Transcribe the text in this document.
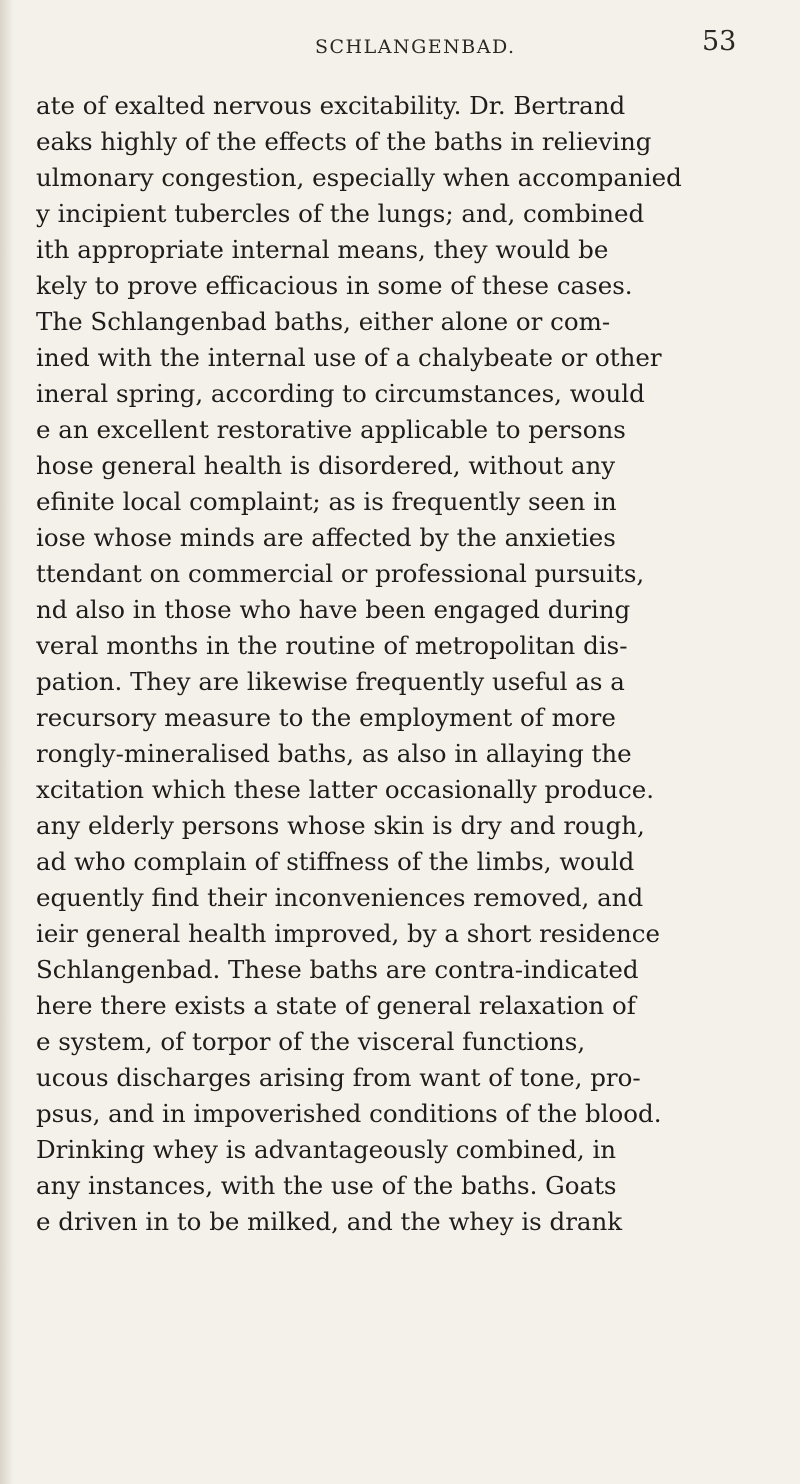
SCHLANGENBAD.	53
ate of exalted nervous excitability. Dr. Bertrand
eaks highly of the effects of the baths in relieving
ulmonary congestion, especially when accompanied
y incipient tubercles of the lungs; and, combined
ith appropriate internal means, they would be
kely to prove efficacious in some of these cases.
The Schlangenbad baths, either alone or com-
ined with the internal use of a chalybeate or other
ineral spring, according to circumstances, would
e an excellent restorative applicable to persons
hose general health is disordered, without any
efinite local complaint; as is frequently seen in
iose whose minds are affected by the anxieties
ttendant on commercial or professional pursuits,
nd also in those who have been engaged during
veral months in the routine of metropolitan dis-
pation. They are likewise frequently useful as a
recursory measure to the employment of more
rongly-mineralised baths, as also in allaying the
xcitation which these latter occasionally produce.
any elderly persons whose skin is dry and rough,
ad who complain of stiffness of the limbs, would
equently find their inconveniences removed, and
ieir general health improved, by a short residence
Schlangenbad. These baths are contra-indicated
here there exists a state of general relaxation of
e system, of torpor of the visceral functions,
ucous discharges arising from want of tone, pro-
psus, and in impoverished conditions of the blood.
Drinking whey is advantageously combined, in
any instances, with the use of the baths. Goats
e driven in to be milked, and the whey is drank
